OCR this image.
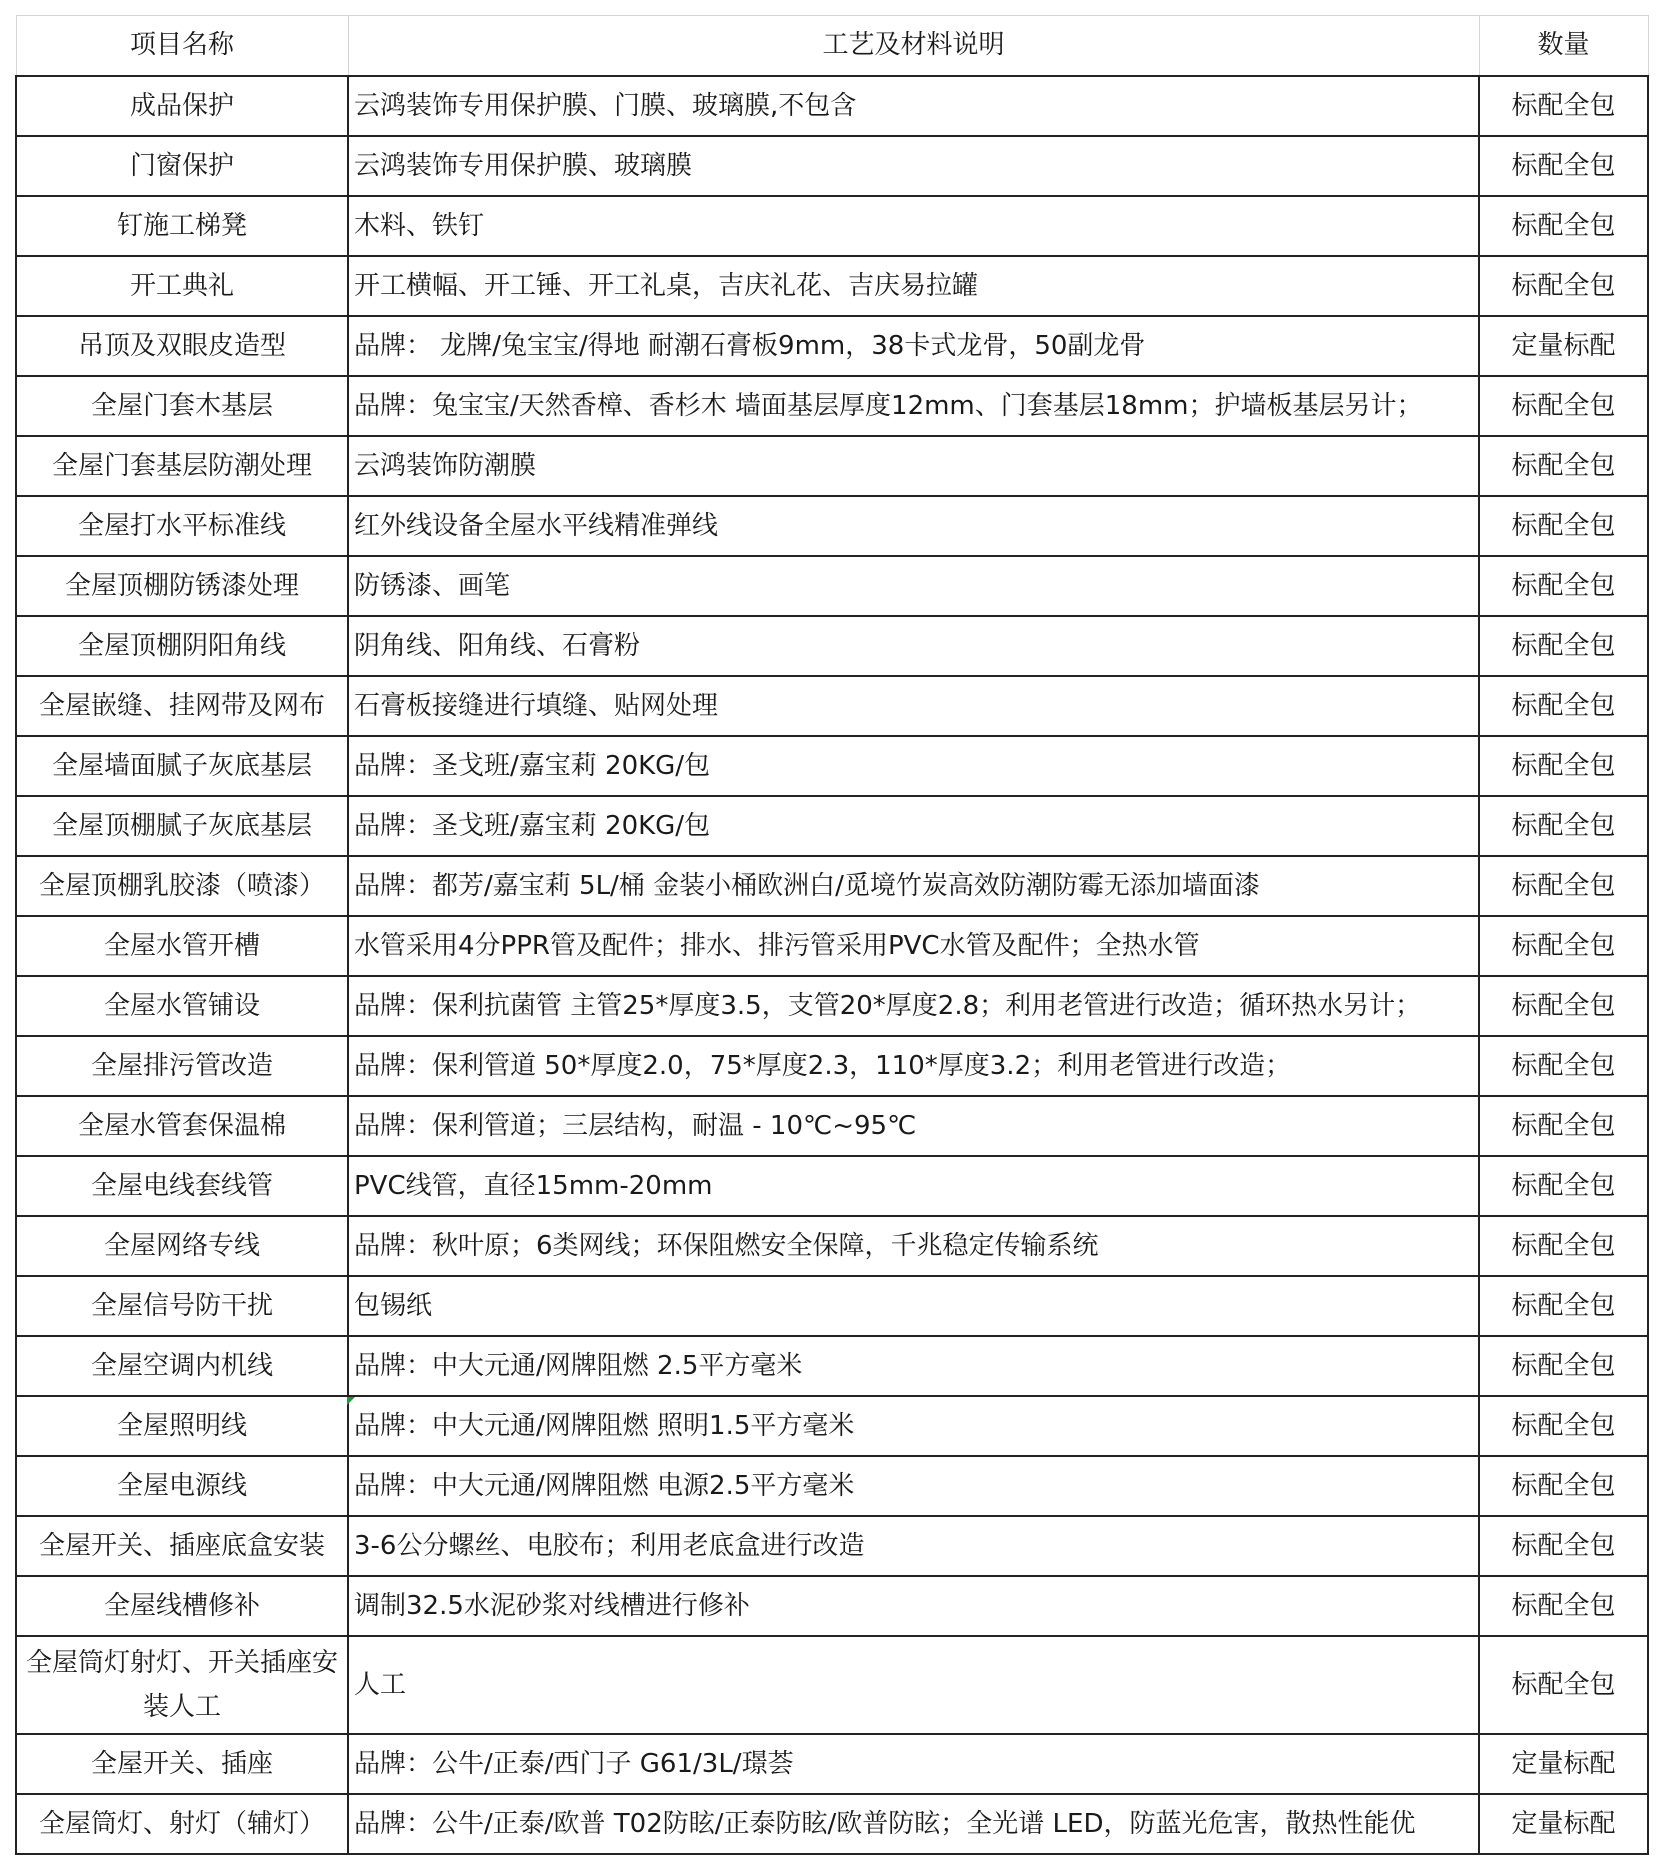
项目名称	工艺及材料说明	数量
成品保护	云鸿装饰专用保护膜、门膜、玻璃膜,不包含	标配全包
门窗保护	云鸿装饰专用保护膜、玻璃膜	标配全包
钉施工梯凳	木料、铁钉	标配全包
开工典礼	开工横幅、开工锤、开工礼桌，吉庆礼花、吉庆易拉罐	标配全包
吊顶及双眼皮造型	品牌： 龙牌/兔宝宝/得地 耐潮石膏板9mm，38卡式龙骨，50副龙骨	定量标配
全屋门套木基层	品牌：兔宝宝/天然香樟、香杉木 墙面基层厚度12mm、门套基层18mm；护墙板基层另计；	标配全包
全屋门套基层防潮处理	云鸿装饰防潮膜	标配全包
全屋打水平标准线	红外线设备全屋水平线精准弹线	标配全包
全屋顶棚防锈漆处理	防锈漆、画笔	标配全包
全屋顶棚阴阳角线	阴角线、阳角线、石膏粉	标配全包
全屋嵌缝、挂网带及网布	石膏板接缝进行填缝、贴网处理	标配全包
全屋墙面腻子灰底基层	品牌：圣戈班/嘉宝莉 20KG/包	标配全包
全屋顶棚腻子灰底基层	品牌：圣戈班/嘉宝莉 20KG/包	标配全包
全屋顶棚乳胶漆（喷漆）	品牌：都芳/嘉宝莉 5L/桶 金装小桶欧洲白/觅境竹炭高效防潮防霉无添加墙面漆	标配全包
全屋水管开槽	水管采用4分PPR管及配件；排水、排污管采用PVC水管及配件；全热水管	标配全包
全屋水管铺设	品牌：保利抗菌管 主管25*厚度3.5，支管20*厚度2.8；利用老管进行改造；循环热水另计；	标配全包
全屋排污管改造	品牌：保利管道 50*厚度2.0，75*厚度2.3，110*厚度3.2；利用老管进行改造；	标配全包
全屋水管套保温棉	品牌：保利管道；三层结构，耐温 - 10℃~95℃	标配全包
全屋电线套线管	PVC线管，直径15mm-20mm	标配全包
全屋网络专线	品牌：秋叶原；6类网线；环保阻燃安全保障，千兆稳定传输系统	标配全包
全屋信号防干扰	包锡纸	标配全包
全屋空调内机线	品牌：中大元通/网牌阻燃 2.5平方毫米	标配全包
全屋照明线	品牌：中大元通/网牌阻燃 照明1.5平方毫米	标配全包
全屋电源线	品牌：中大元通/网牌阻燃 电源2.5平方毫米	标配全包
全屋开关、插座底盒安装	3-6公分螺丝、电胶布；利用老底盒进行改造	标配全包
全屋线槽修补	调制32.5水泥砂浆对线槽进行修补	标配全包
全屋筒灯射灯、开关插座安装人工	人工	标配全包
全屋开关、插座	品牌：公牛/正泰/西门子 G61/3L/璟荟	定量标配
全屋筒灯、射灯（辅灯）	品牌：公牛/正泰/欧普 T02防眩/正泰防眩/欧普防眩；全光谱 LED，防蓝光危害，散热性能优	定量标配
